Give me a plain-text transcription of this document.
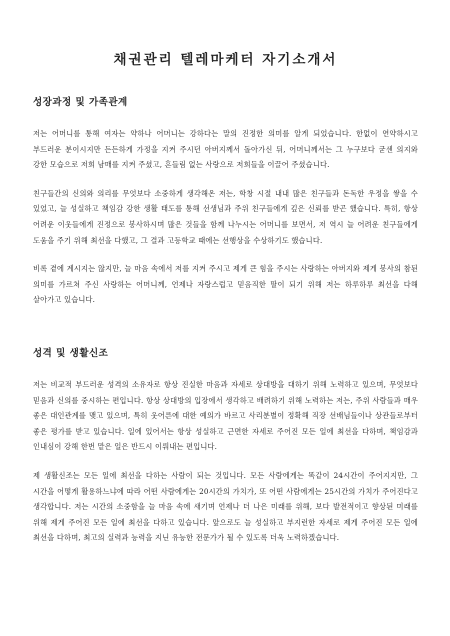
채권관리 텔레마케터 자기소개서
성장과정 및 가족관계

저는 어머니를 통해 여자는 약하나 어머니는 강하다는 말의 진정한 의미를 알게 되었습니다. 한없이 연약하시고 부드러운 분이시지만 든든하게 가정을 지켜 주시던 아버지께서 돌아가신 뒤, 어머니께서는 그 누구보다 굳센 의지와 강한 모습으로 저희 남매를 지켜 주셨고, 흔들림 없는 사랑으로 저희들을 이끌어 주셨습니다.

친구들간의 신의와 의리를 무엇보다 소중하게 생각해온 저는, 학창 시절 내내 많은 친구들과 돈독한 우정을 쌓을 수 있었고, 늘 성실하고 책임감 강한 생활 태도를 통해 선생님과 주위 친구들에게 깊은 신뢰를 받곤 했습니다. 특히, 항상 어려운 이웃들에게 진정으로 봉사하시며 많은 것들을 함께 나누시는 어머니를 보면서, 저 역시 늘 어려운 친구들에게 도움을 주기 위해 최선을 다했고, 그 결과 고등학교 때에는 선행상을 수상하기도 했습니다.

비록 곁에 계시지는 않지만, 늘 마음 속에서 저를 지켜 주시고 제게 큰 힘을 주시는 사랑하는 아버지와 제게 봉사의 참된 의미를 가르쳐 주신 사랑하는 어머니께, 언제나 자랑스럽고 믿음직한 딸이 되기 위해 저는 하루하루 최선을 다해 살아가고 있습니다.

성격 및 생활신조

저는 비교적 부드러운 성격의 소유자로 항상 진실한 마음과 자세로 상대방을 대하기 위해 노력하고 있으며, 무엇보다 믿음과 신의를 중시하는 편입니다. 항상 상대방의 입장에서 생각하고 배려하기 위해 노력하는 저는, 주위 사람들과 매우 좋은 대인관계를 맺고 있으며, 특히 웃어른에 대한 예의가 바르고 사리분별이 정확해 직장 선배님들이나 상관들로부터 좋은 평가를 받고 있습니다. 일에 있어서는 항상 성실하고 근면한 자세로 주어진 모든 일에 최선을 다하며, 책임감과 인내심이 강해 한번 맡은 일은 반드시 이뤄내는 편입니다.

제 생활신조는 모든 일에 최선을 다하는 사람이 되는 것입니다. 모든 사람에게는 똑같이 24시간이 주어지지만, 그 시간을 어떻게 활용하느냐에 따라 어떤 사람에게는 20시간의 가치가, 또 어떤 사람에게는 25시간의 가치가 주어진다고 생각합니다. 저는 시간의 소중함을 늘 마음 속에 새기며 언제나 더 나은 미래를 위해, 보다 발전적이고 향상된 미래를 위해 제게 주어진 모든 일에 최선을 다하고 있습니다. 앞으로도 늘 성실하고 부지런한 자세로 제게 주어진 모든 일에 최선을 다하며, 최고의 실력과 능력을 지닌 유능한 전문가가 될 수 있도록 더욱 노력하겠습니다.
